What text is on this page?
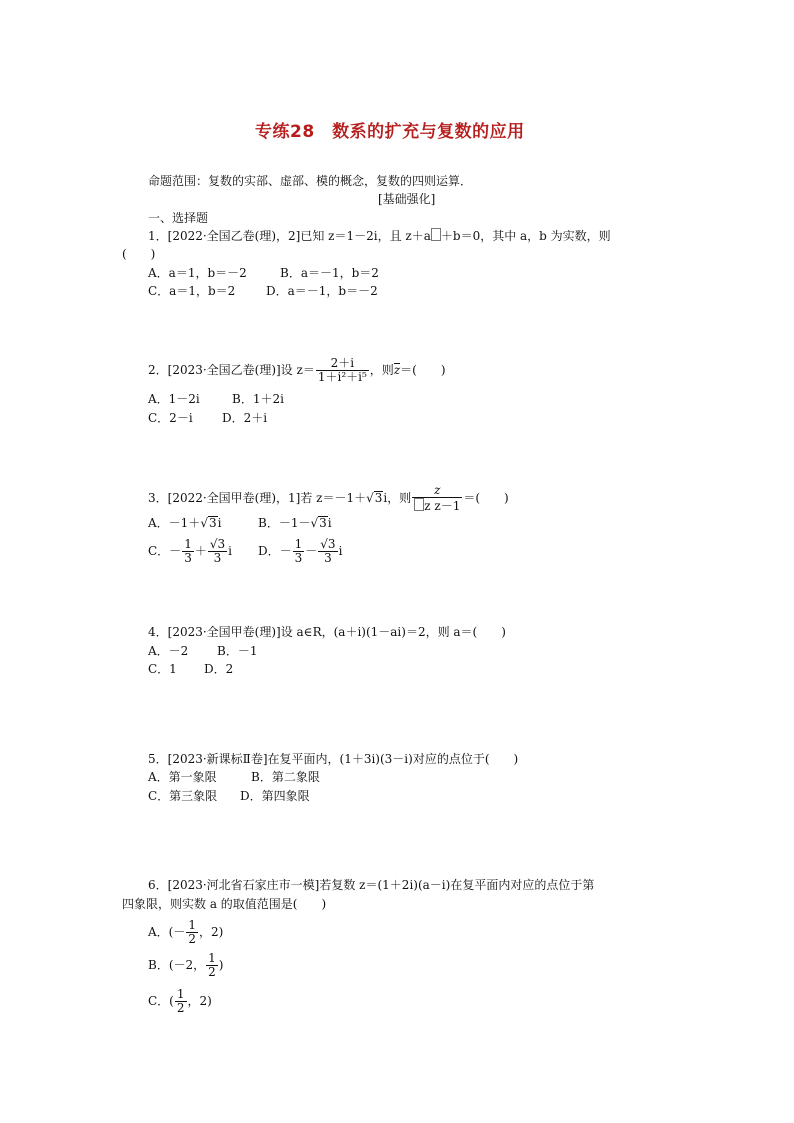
专练28　数系的扩充与复数的应用
命题范围：复数的实部、虚部、模的概念，复数的四则运算．
[基础强化]
一、选择题
1．[2022·全国乙卷(理)，2]已知 z＝1－2i，且 z＋a ＋b＝0，其中 a，b 为实数，则
(　　)
A．a＝1，b＝－2	B．a＝－1，b＝2
C．a＝1，b＝2	D．a＝－1，b＝－2
2．[2023·全国乙卷(理)]设 $z= \frac{2+i}{\text{1＋i²＋i⁵}}$ ，则z＝(　　)
A．1－2i	B．1＋2i
C．2－i D．2＋i
3．[2022·全国甲卷(理)，1]若 z＝－1＋√3i，则 $\frac{z}{\text{z z－1}}$ ＝(　　)
A．－1＋√3i	B．－1－√3i
C．－ $\frac{1}{3} + \frac{√3}{3}$ i D．－ $\frac{1}{3} - \frac{√3}{3}$ i
4．[2023·全国甲卷(理)]设 a∈R，(a＋i)(1－ai)＝2，则 a＝(　　)
A．－2 B．－1
C．1 D．2
5．[2023·新课标Ⅱ卷]在复平面内，(1＋3i)(3－i)对应的点位于(　　)
A．第一象限	B．第二象限
C．第三象限 D．第四象限
6．[2023·河北省石家庄市一模]若复数 z＝(1＋2i)(a－i)在复平面内对应的点位于第
四象限，则实数 a 的取值范围是(　　)
A．(－ $\frac{1}{2}$ ，2)
B．(－2， $\frac{1}{2}$ )
C．( $\frac{1}{2}$ ，2)
